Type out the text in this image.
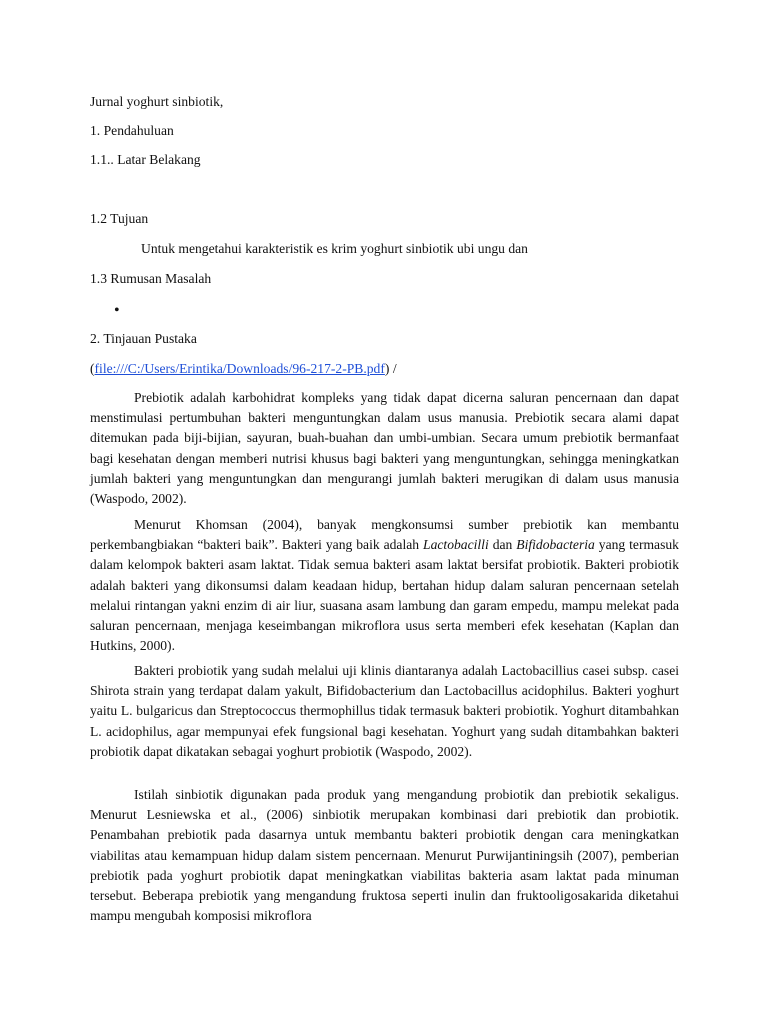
Jurnal yoghurt sinbiotik,
1. Pendahuluan
1.1.. Latar Belakang
1.2 Tujuan
Untuk mengetahui karakteristik es krim yoghurt sinbiotik ubi ungu dan
1.3 Rumusan Masalah
•
2. Tinjauan Pustaka
(file:///C:/Users/Erintika/Downloads/96-217-2-PB.pdf) /

Prebiotik adalah karbohidrat kompleks yang tidak dapat dicerna saluran pencernaan dan dapat menstimulasi pertumbuhan bakteri menguntungkan dalam usus manusia. Prebiotik secara alami dapat ditemukan pada biji-bijian, sayuran, buah-buahan dan umbi-umbian. Secara umum prebiotik bermanfaat bagi kesehatan dengan memberi nutrisi khusus bagi bakteri yang menguntungkan, sehingga meningkatkan jumlah bakteri yang menguntungkan dan mengurangi jumlah bakteri merugikan di dalam usus manusia (Waspodo, 2002).

Menurut Khomsan (2004), banyak mengkonsumsi sumber prebiotik kan membantu perkembangbiakan “bakteri baik”. Bakteri yang baik adalah Lactobacilli dan Bifidobacteria yang termasuk dalam kelompok bakteri asam laktat. Tidak semua bakteri asam laktat bersifat probiotik. Bakteri probiotik adalah bakteri yang dikonsumsi dalam keadaan hidup, bertahan hidup dalam saluran pencernaan setelah melalui rintangan yakni enzim di air liur, suasana asam lambung dan garam empedu, mampu melekat pada saluran pencernaan, menjaga keseimbangan mikroflora usus serta memberi efek kesehatan (Kaplan dan Hutkins, 2000).

Bakteri probiotik yang sudah melalui uji klinis diantaranya adalah Lactobacillius casei subsp. casei Shirota strain yang terdapat dalam yakult, Bifidobacterium dan Lactobacillus acidophilus. Bakteri yoghurt yaitu L. bulgaricus dan Streptococcus thermophillus tidak termasuk bakteri probiotik. Yoghurt ditambahkan L. acidophilus, agar mempunyai efek fungsional bagi kesehatan. Yoghurt yang sudah ditambahkan bakteri probiotik dapat dikatakan sebagai yoghurt probiotik (Waspodo, 2002).

Istilah sinbiotik digunakan pada produk yang mengandung probiotik dan prebiotik sekaligus. Menurut Lesniewska et al., (2006) sinbiotik merupakan kombinasi dari prebiotik dan probiotik. Penambahan prebiotik pada dasarnya untuk membantu bakteri probiotik dengan cara meningkatkan viabilitas atau kemampuan hidup dalam sistem pencernaan. Menurut Purwijantiningsih (2007), pemberian prebiotik pada yoghurt probiotik dapat meningkatkan viabilitas bakteria asam laktat pada minuman tersebut. Beberapa prebiotik yang mengandung fruktosa seperti inulin dan fruktooligosakarida diketahui mampu mengubah komposisi mikroflora
